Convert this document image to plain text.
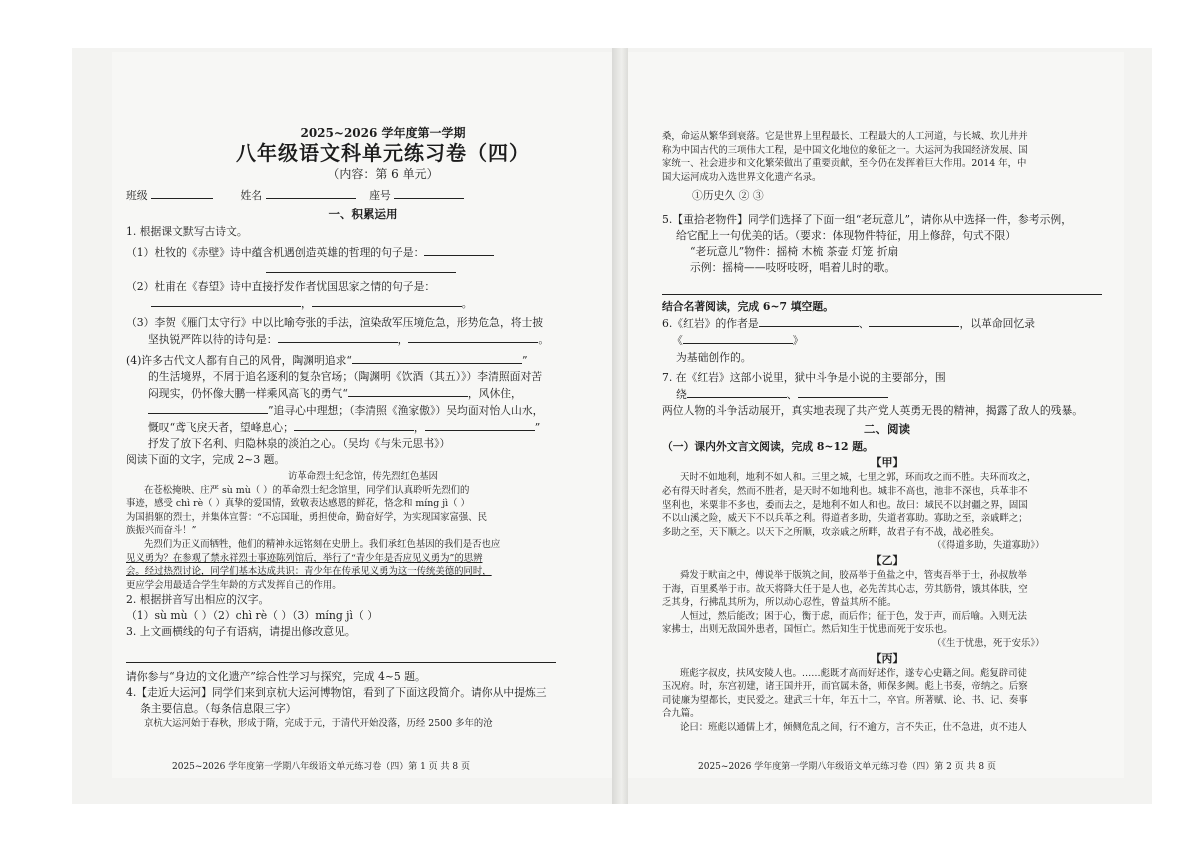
2025~2026 学年度第一学期
八年级语文科单元练习卷（四）
（内容：第 6 单元）
班级	姓名	座号
一、积累运用
1. 根据课文默写古诗文。
（1）杜牧的《赤壁》诗中蕴含机遇创造英雄的哲理的句子是：
（2）杜甫在《春望》诗中直接抒发作者忧国思家之情的句子是：
，	。
（3）李贺《雁门太守行》中以比喻夸张的手法，渲染敌军压境危急，形势危急，将士披
坚执锐严阵以待的诗句是：	，	。
(4)许多古代文人都有自己的风骨，陶渊明追求“	”
的生活境界，不屑于追名逐利的复杂官场；（陶渊明《饮酒（其五）》）李清照面对苦
闷现实，仍怀像大鹏一样乘风高飞的勇气“	，风休住，
”追寻心中理想；（李清照《渔家傲》）吴均面对怡人山水，
慨叹“鸢飞戾天者，望峰息心；	，	”
抒发了放下名利、归隐林泉的淡泊之心。（吴均《与朱元思书》）
阅读下面的文字，完成 2~3 题。
访革命烈士纪念馆，传先烈红色基因
在苍松掩映、庄严 sù mù（ ）的革命烈士纪念馆里，同学们认真聆听先烈们的
事迹，感受 chì rè（ ）真挚的爱国情，致敬表达感恩的鲜花，恪念和 míng jì（ ）
为国捐躯的烈士，并集体宣誓：“不忘国耻，勇担使命，勤奋好学，为实现国家富强、民
族振兴而奋斗！”
先烈们为正义而牺牲，他们的精神永远铭刻在史册上。我们承红色基因的我们是否也应
见义勇为？在参观了禁永祥烈士事迹陈列馆后，举行了“青少年是否应见义勇为”的思辨
会。经过热烈讨论，同学们基本达成共识：青少年在传承见义勇为这一传统美德的同时，
更应学会用最适合学生年龄的方式发挥自己的作用。
2. 根据拼音写出相应的汉字。
（1）sù mù（ ）（2）chì rè（ ）（3）míng jì（ ）
3. 上文画横线的句子有语病，请提出修改意见。
请你参与“身边的文化遗产”综合性学习与探究，完成 4~5 题。
4.【走近大运河】同学们来到京杭大运河博物馆，看到了下面这段简介。请你从中提炼三
条主要信息。（每条信息限三字）
京杭大运河始于春秋，形成于隋，完成于元，于清代开始没落，历经 2500 多年的沧
2025~2026 学年度第一学期八年级语文单元练习卷（四）第 1 页 共 8 页
桑，命运从繁华到衰落。它是世界上里程最长、工程最大的人工河道，与长城、坎儿井并
称为中国古代的三项伟大工程，是中国文化地位的象征之一。大运河为我国经济发展、国
家统一、社会进步和文化繁荣做出了重要贡献，至今仍在发挥着巨大作用。2014 年，中
国大运河成功入选世界文化遗产名录。
①历史久 ② ③
5.【重拾老物件】同学们选择了下面一组“老玩意儿”，请你从中选择一件，参考示例，
给它配上一句优美的话。（要求：体现物件特征，用上修辞，句式不限）
“老玩意儿”物件：摇椅 木梳 茶壶 灯笼 折扇
示例：摇椅——吱呀吱呀，唱着儿时的歌。
结合名著阅读，完成 6~7 填空题。
6.《红岩》的作者是	、	，以革命回忆录
《	》
为基础创作的。
7. 在《红岩》这部小说里，狱中斗争是小说的主要部分，围
绕	、
两位人物的斗争活动展开，真实地表现了共产党人英勇无畏的精神，揭露了敌人的残暴。
二、阅读
（一）课内外文言文阅读，完成 8~12 题。
【甲】
天时不如地利，地利不如人和。三里之城，七里之郭，环而攻之而不胜。夫环而攻之，
必有得天时者矣，然而不胜者，是天时不如地利也。城非不高也，池非不深也，兵革非不
坚利也，米粟非不多也，委而去之，是地利不如人和也。故曰：域民不以封疆之界，固国
不以山溪之险，威天下不以兵革之利。得道者多助，失道者寡助。寡助之至，亲戚畔之；
多助之至，天下顺之。以天下之所顺，攻亲戚之所畔，故君子有不战，战必胜矣。
（《得道多助，失道寡助》）
【乙】
舜发于畎亩之中，傅说举于版筑之间，胶鬲举于鱼盐之中，管夷吾举于士，孙叔敖举
于海，百里奚举于市。故天将降大任于是人也，必先苦其心志，劳其筋骨，饿其体肤，空
乏其身，行拂乱其所为，所以动心忍性，曾益其所不能。
人恒过，然后能改；困于心，衡于虑，而后作；征于色，发于声，而后喻。入则无法
家拂士，出则无敌国外患者，国恒亡。然后知生于忧患而死于安乐也。
（《生于忧患，死于安乐》）
【丙】
班彪字叔皮，扶风安陵人也。……彪既才高而好述作，遂专心史籍之间。彪复辟司徒
玉况府。时，东宫初建，诸王国并开，而官属未备，师保多阙。彪上书奏，帝纳之。后察
司徒廉为望都长，吏民爱之。建武三十年，年五十二，卒官。所著赋、论、书、记、奏事
合九篇。
论曰：班彪以通儒上才，倾侧危乱之间，行不逾方，言不失正，仕不急进，贞不违人
2025~2026 学年度第一学期八年级语文单元练习卷（四）第 2 页 共 8 页
